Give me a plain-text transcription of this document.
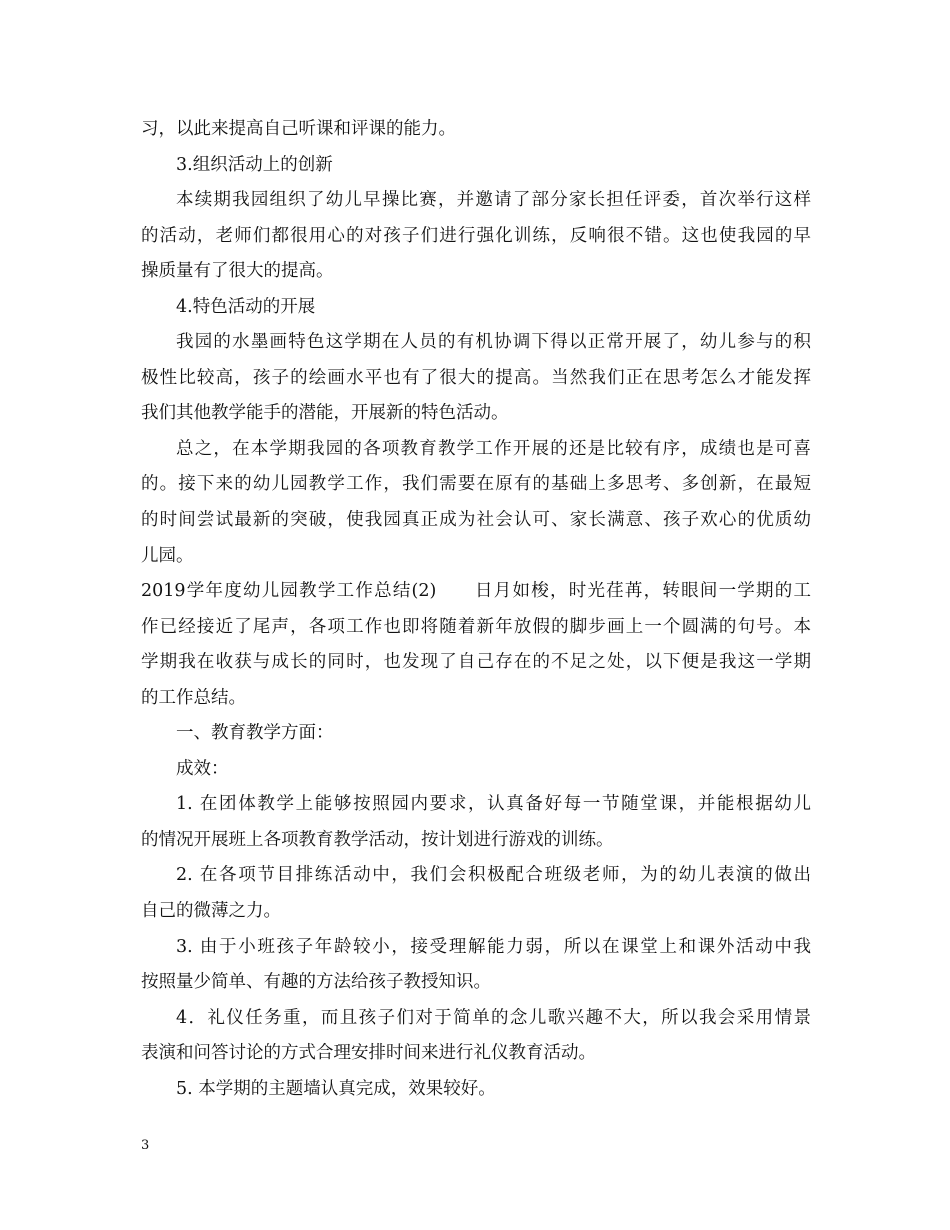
习，以此来提高自己听课和评课的能力。
3.组织活动上的创新
本续期我园组织了幼儿早操比赛，并邀请了部分家长担任评委，首次举行这样
的活动，老师们都很用心的对孩子们进行强化训练，反响很不错。这也使我园的早
操质量有了很大的提高。
4.特色活动的开展
我园的水墨画特色这学期在人员的有机协调下得以正常开展了，幼儿参与的积
极性比较高，孩子的绘画水平也有了很大的提高。当然我们正在思考怎么才能发挥
我们其他教学能手的潜能，开展新的特色活动。
总之，在本学期我园的各项教育教学工作开展的还是比较有序，成绩也是可喜
的。接下来的幼儿园教学工作，我们需要在原有的基础上多思考、多创新，在最短
的时间尝试最新的突破，使我园真正成为社会认可、家长满意、孩子欢心的优质幼
儿园。
2019学年度幼儿园教学工作总结(2)　　日月如梭，时光荏苒，转眼间一学期的工
作已经接近了尾声，各项工作也即将随着新年放假的脚步画上一个圆满的句号。本
学期我在收获与成长的同时，也发现了自己存在的不足之处，以下便是我这一学期
的工作总结。
一、教育教学方面：
成效：
1. 在团体教学上能够按照园内要求，认真备好每一节随堂课，并能根据幼儿
的情况开展班上各项教育教学活动，按计划进行游戏的训练。
2. 在各项节目排练活动中，我们会积极配合班级老师，为的幼儿表演的做出
自己的微薄之力。
3. 由于小班孩子年龄较小，接受理解能力弱，所以在课堂上和课外活动中我
按照量少简单、有趣的方法给孩子教授知识。
4．礼仪任务重，而且孩子们对于简单的念儿歌兴趣不大，所以我会采用情景
表演和问答讨论的方式合理安排时间来进行礼仪教育活动。
5. 本学期的主题墙认真完成，效果较好。
3
